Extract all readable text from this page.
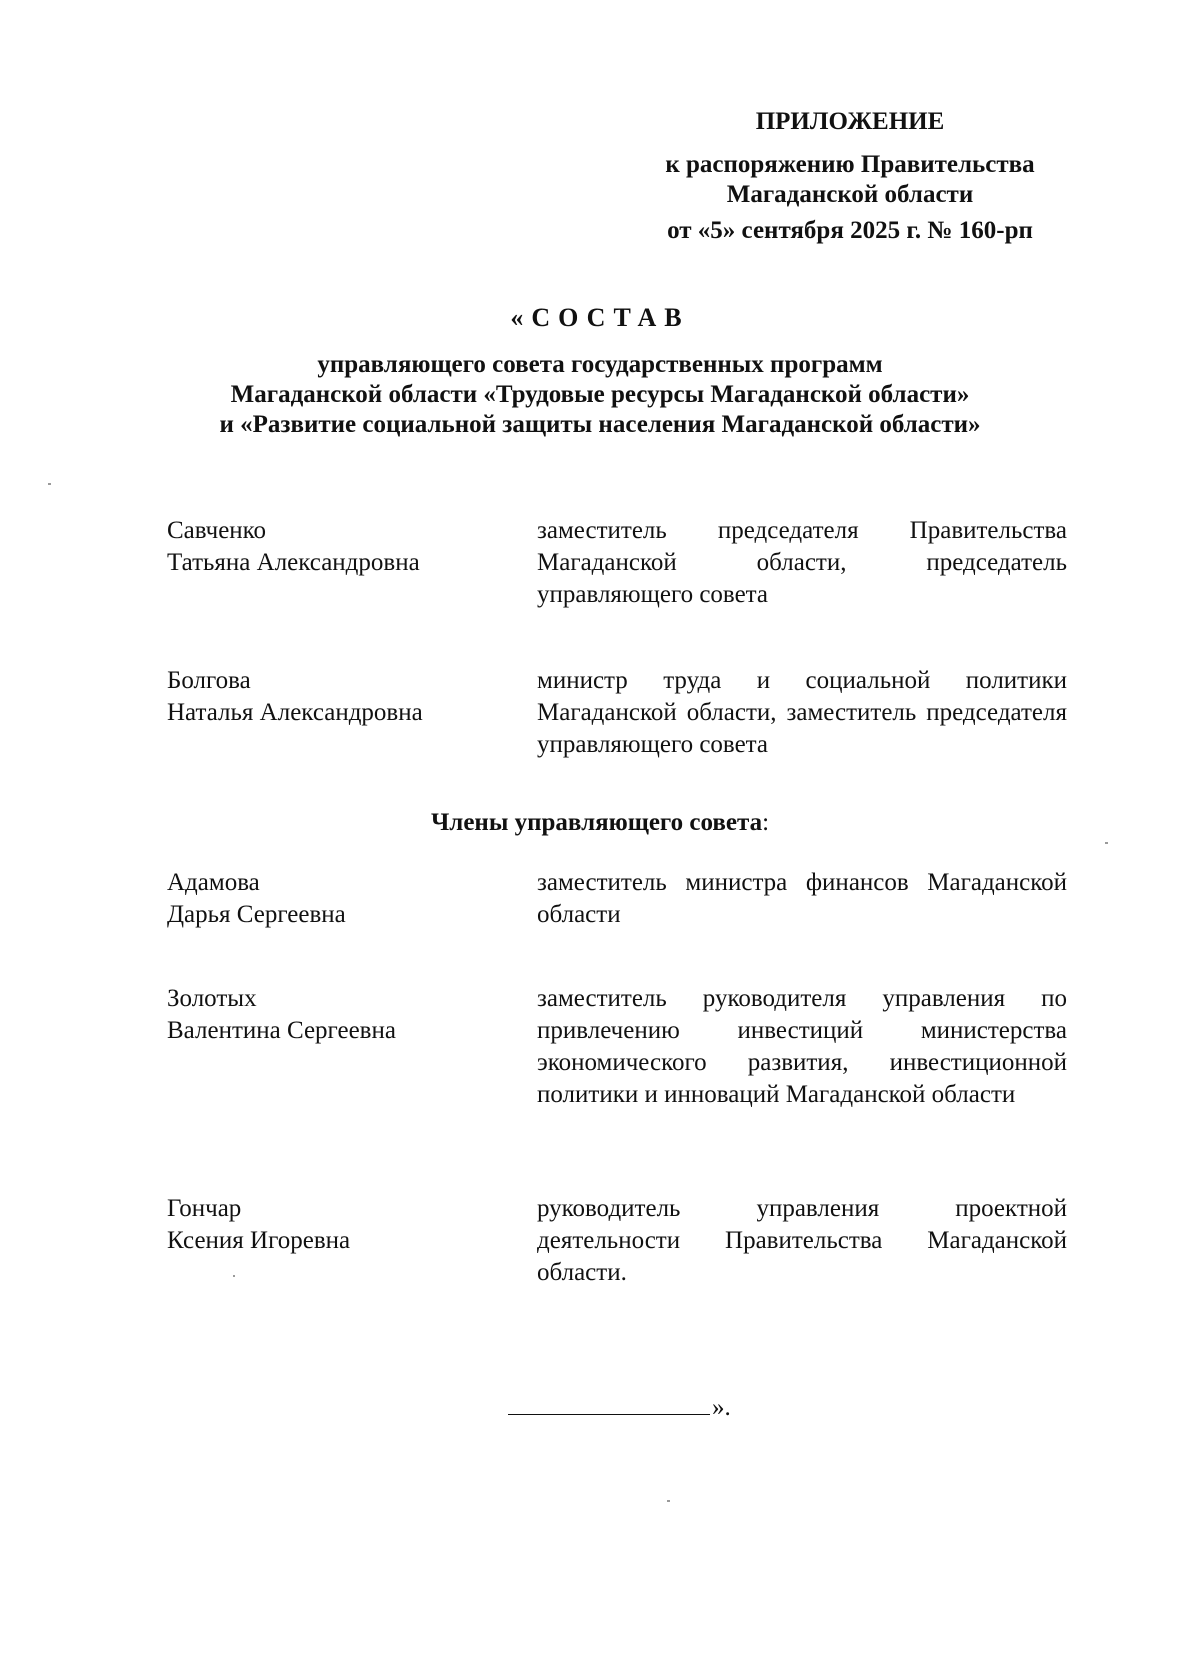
ПРИЛОЖЕНИЕ
к распоряжению Правительства
Магаданской области
от «5» сентября 2025 г. № 160-рп
«СОСТАВ
управляющего совета государственных программ
Магаданской области «Трудовые ресурсы Магаданской области»
и «Развитие социальной защиты населения Магаданской области»
Савченко
Татьяна Александровна
заместитель председателя Правительства Магаданской области, председатель управляющего совета
Болгова
Наталья Александровна
министр труда и социальной политики Магаданской области, заместитель председателя управляющего совета
Члены управляющего совета:
Адамова
Дарья Сергеевна
заместитель министра финансов Магаданской области
Золотых
Валентина Сергеевна
заместитель руководителя управления по привлечению инвестиций министерства экономического развития, инвестиционной политики и инноваций Магаданской области
Гончар
Ксения Игоревна
руководитель управления проектной деятельности Правительства Магаданской области.
».
